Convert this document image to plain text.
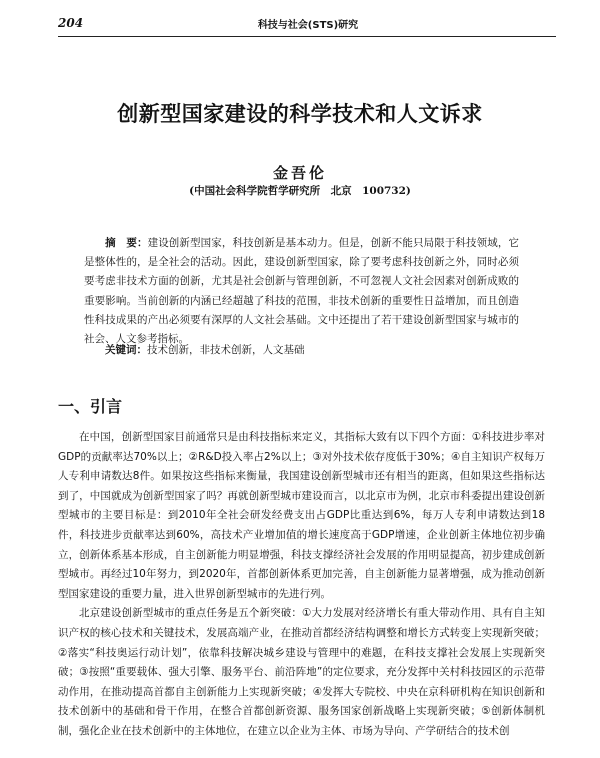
204	科技与社会(STS)研究
创新型国家建设的科学技术和人文诉求
金吾伦
(中国社会科学院哲学研究所　北京　100732)
摘　要：建设创新型国家，科技创新是基本动力。但是，创新不能只局限于科技领域，它是整体性的，是全社会的活动。因此，建设创新型国家，除了要考虑科技创新之外，同时必须要考虑非技术方面的创新，尤其是社会创新与管理创新，不可忽视人文社会因素对创新成败的重要影响。当前创新的内涵已经超越了科技的范围，非技术创新的重要性日益增加，而且创造性科技成果的产出必须要有深厚的人文社会基础。文中还提出了若干建设创新型国家与城市的社会、人文参考指标。
关键词：技术创新，非技术创新，人文基础
一、引言

在中国，创新型国家目前通常只是由科技指标来定义，其指标大致有以下四个方面：①科技进步率对GDP的贡献率达70%以上；②R&D投入率占2%以上；③对外技术依存度低于30%；④自主知识产权每万人专利申请数达8件。如果按这些指标来衡量，我国建设创新型城市还有相当的距离，但如果这些指标达到了，中国就成为创新型国家了吗？再就创新型城市建设而言，以北京市为例，北京市科委提出建设创新型城市的主要目标是：到2010年全社会研发经费支出占GDP比重达到6%，每万人专利申请数达到18件，科技进步贡献率达到60%，高技术产业增加值的增长速度高于GDP增速，企业创新主体地位初步确立，创新体系基本形成，自主创新能力明显增强，科技支撑经济社会发展的作用明显提高，初步建成创新型城市。再经过10年努力，到2020年，首都创新体系更加完善，自主创新能力显著增强，成为推动创新型国家建设的重要力量，进入世界创新型城市的先进行列。

北京建设创新型城市的重点任务是五个新突破：①大力发展对经济增长有重大带动作用、具有自主知识产权的核心技术和关键技术，发展高端产业，在推动首都经济结构调整和增长方式转变上实现新突破；②落实“科技奥运行动计划”，依靠科技解决城乡建设与管理中的难题，在科技支撑社会发展上实现新突破；③按照“重要载体、强大引擎、服务平台、前沿阵地”的定位要求，充分发挥中关村科技园区的示范带动作用，在推动提高首都自主创新能力上实现新突破；④发挥大专院校、中央在京科研机构在知识创新和技术创新中的基础和骨干作用，在整合首都创新资源、服务国家创新战略上实现新突破；⑤创新体制机制，强化企业在技术创新中的主体地位，在建立以企业为主体、市场为导向、产学研结合的技术创
